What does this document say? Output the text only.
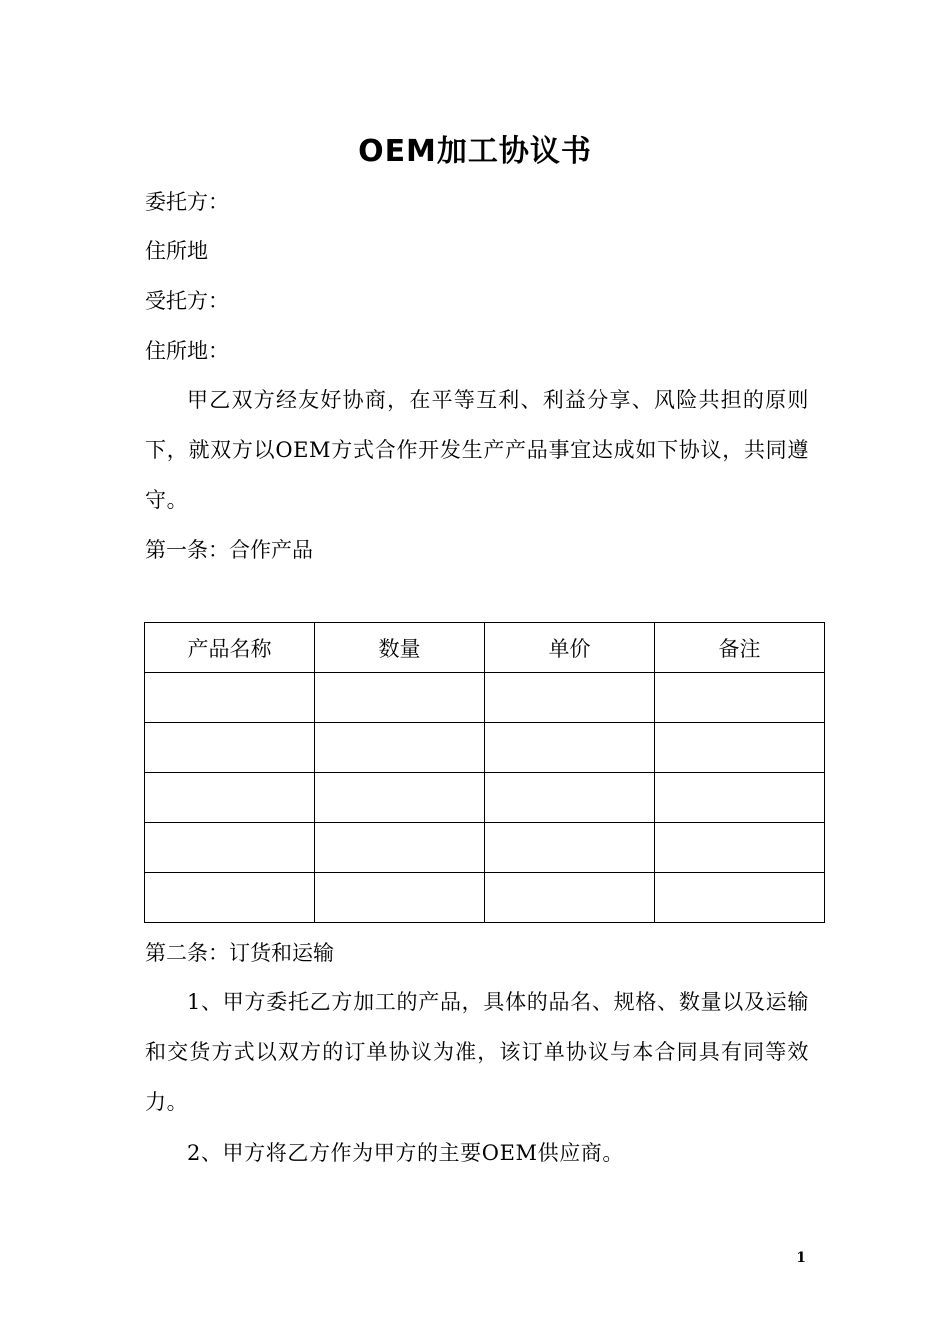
OEM加工协议书
委托方：
住所地
受托方：
住所地：
甲乙双方经友好协商，在平等互利、利益分享、风险共担的原则下，就双方以OEM方式合作开发生产产品事宜达成如下协议，共同遵守。
第一条：合作产品
产品名称	数量	单价	备注

第二条：订货和运输
1、甲方委托乙方加工的产品，具体的品名、规格、数量以及运输和交货方式以双方的订单协议为准，该订单协议与本合同具有同等效力。
2、甲方将乙方作为甲方的主要OEM供应商。
1
